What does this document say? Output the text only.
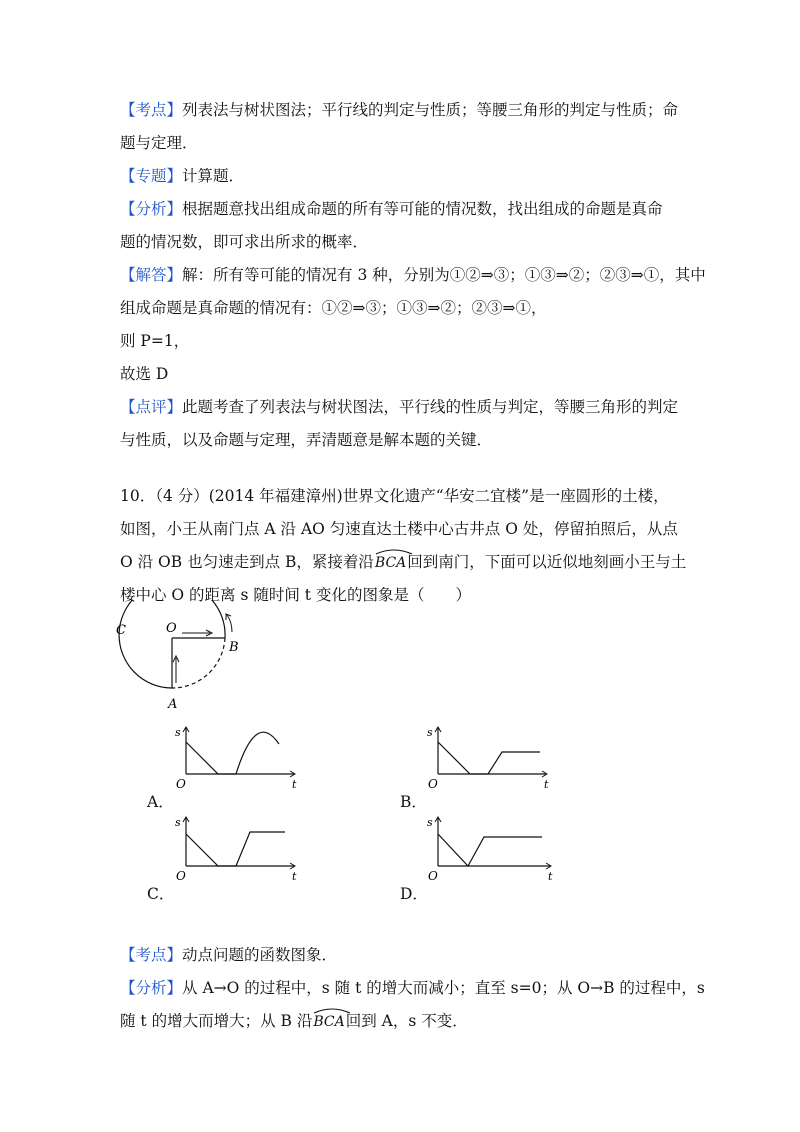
【考点】列表法与树状图法；平行线的判定与性质；等腰三角形的判定与性质；命
题与定理．
【专题】计算题．
【分析】根据题意找出组成命题的所有等可能的情况数，找出组成的命题是真命
题的情况数，即可求出所求的概率．
【解答】解：所有等可能的情况有 3 种，分别为①②⇒③；①③⇒②；②③⇒①，其中
组成命题是真命题的情况有：①②⇒③；①③⇒②；②③⇒①，
则 P=1，
故选 D
【点评】此题考查了列表法与树状图法，平行线的性质与判定，等腰三角形的判定
与性质，以及命题与定理，弄清题意是解本题的关键．
10．（4 分）(2014 年福建漳州)世界文化遗产“华安二宜楼”是一座圆形的土楼，
如图，小王从南门点 A 沿 AO 匀速直达土楼中心古井点 O 处，停留拍照后，从点
O 沿 OB 也匀速走到点 B，紧接着沿
BCA回到南门，下面可以近似地刻画小王与土
楼中心 O 的距离 s 随时间 t 变化的图象是（　　）
C	O
B
A
A．
s
t
O
B．
s
t
O
C．
s
t
O
D．
s
t
O
【考点】动点问题的函数图象．
【分析】从 A→O 的过程中，s 随 t 的增大而减小；直至 s=0；从 O→B 的过程中，s
随 t 的增大而增大；从 B 沿
BCA回到 A，s 不变．
